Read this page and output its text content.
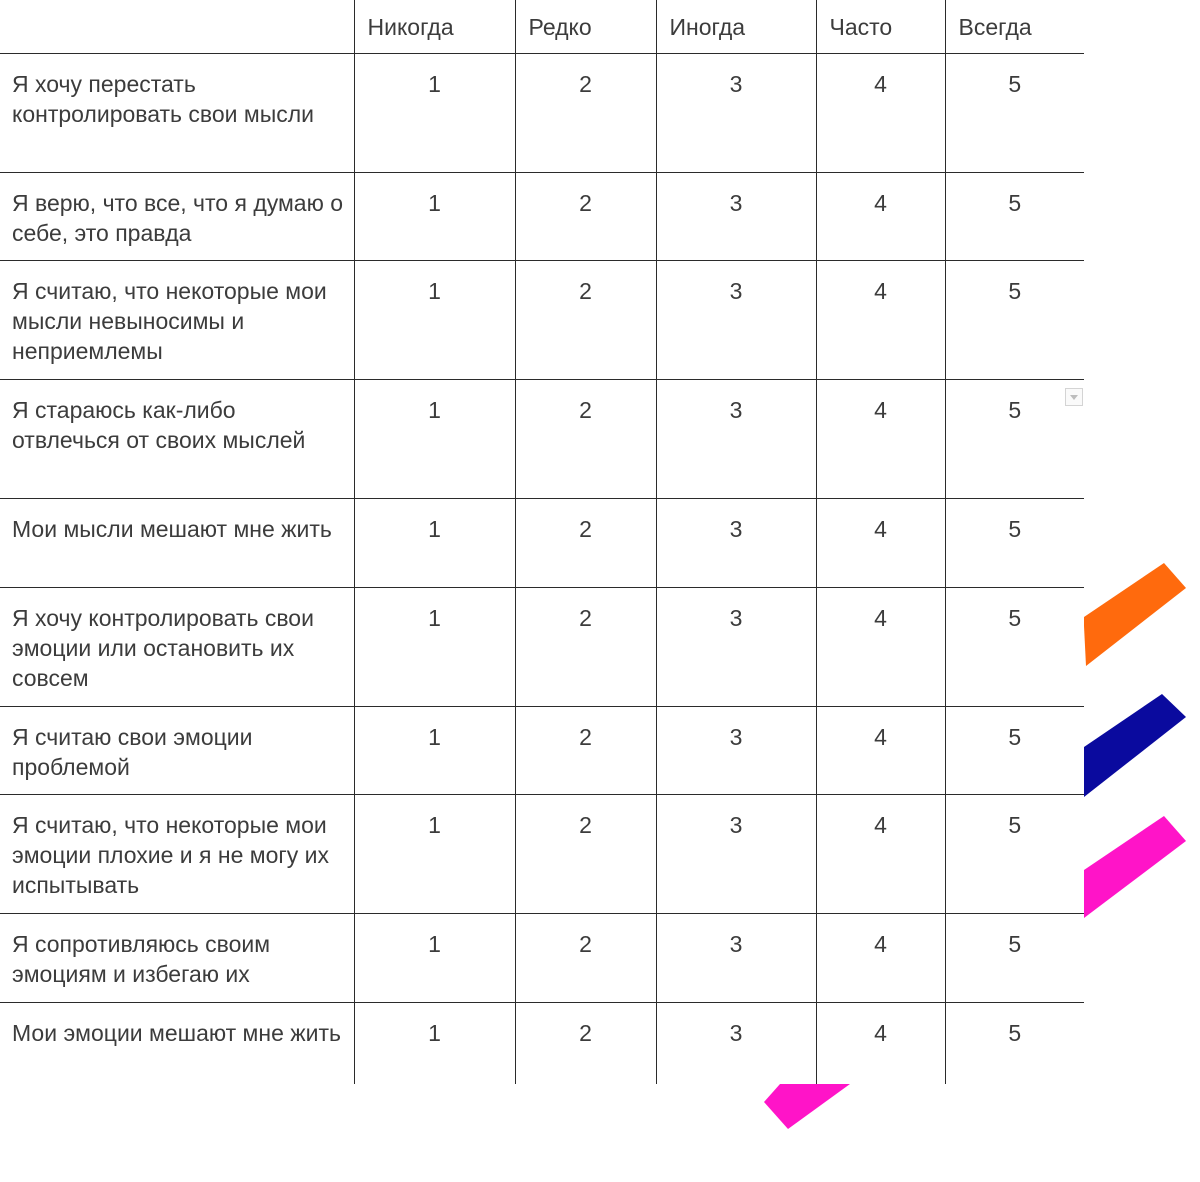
	Никогда	Редко	Иногда	Часто	Всегда
Я хочу перестать контролировать свои мысли	1	2	3	4	5
Я верю, что все, что я думаю о себе, это правда	1	2	3	4	5
Я считаю, что некоторые мои мысли невыносимы и неприемлемы	1	2	3	4	5
Я стараюсь как-либо отвлечься от своих мыслей	1	2	3	4	5
Мои мысли мешают мне жить	1	2	3	4	5
Я хочу контролировать свои эмоции или остановить их совсем	1	2	3	4	5
Я считаю свои эмоции проблемой	1	2	3	4	5
Я считаю, что некоторые мои эмоции плохие и я не могу их испытывать	1	2	3	4	5
Я сопротивляюсь своим эмоциям и избегаю их	1	2	3	4	5
Мои эмоции мешают мне жить	1	2	3	4	5
